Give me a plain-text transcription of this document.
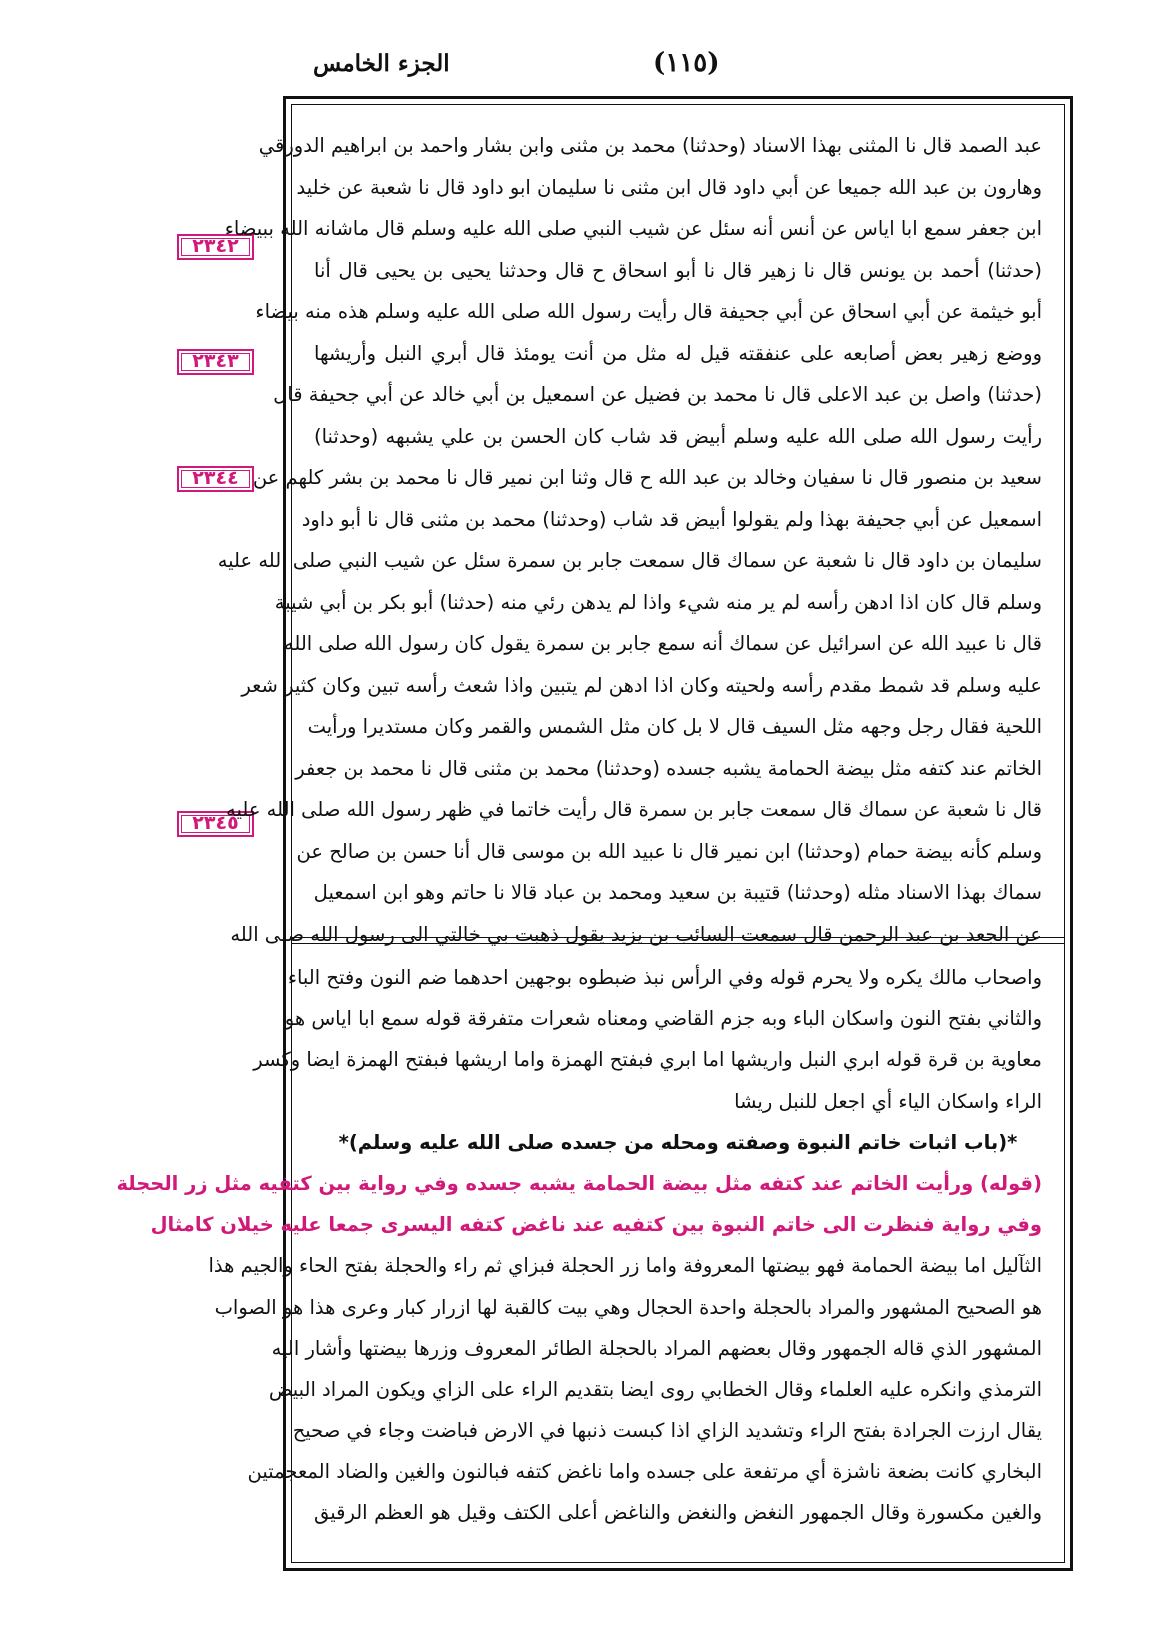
(١١٥)
الجزء الخامس
٢٣٤٢
٢٣٤٣
٢٣٤٤
٢٣٤٥
عبد الصمد قال نا المثنى بهذا الاسناد (وحدثنا) محمد بن مثنى وابن بشار واحمد بن ابراهيم الدورقي
وهارون بن عبد الله جميعا عن أبي داود قال ابن مثنى نا سليمان ابو داود قال نا شعبة عن خليد
ابن جعفر سمع ابا اياس عن أنس أنه سئل عن شيب النبي صلى الله عليه وسلم قال ماشانه الله ببيضاء
(حدثنا) أحمد بن يونس قال نا زهير قال نا أبو اسحاق ح قال وحدثنا يحيى بن يحيى قال أنا
أبو خيثمة عن أبي اسحاق عن أبي جحيفة قال رأيت رسول الله صلى الله عليه وسلم هذه منه بيضاء
ووضع زهير بعض أصابعه على عنفقته قيل له مثل من أنت يومئذ قال أبري النبل وأريشها
(حدثنا) واصل بن عبد الاعلى قال نا محمد بن فضيل عن اسمعيل بن أبي خالد عن أبي جحيفة قال
رأيت رسول الله صلى الله عليه وسلم أبيض قد شاب كان الحسن بن علي يشبهه (وحدثنا)
سعيد بن منصور قال نا سفيان وخالد بن عبد الله ح قال وثنا ابن نمير قال نا محمد بن بشر كلهم عن
اسمعيل عن أبي جحيفة بهذا ولم يقولوا أبيض قد شاب (وحدثنا) محمد بن مثنى قال نا أبو داود
سليمان بن داود قال نا شعبة عن سماك قال سمعت جابر بن سمرة سئل عن شيب النبي صلى الله عليه
وسلم قال كان اذا ادهن رأسه لم ير منه شيء واذا لم يدهن رئي منه (حدثنا) أبو بكر بن أبي شيبة
قال نا عبيد الله عن اسرائيل عن سماك أنه سمع جابر بن سمرة يقول كان رسول الله صلى الله
عليه وسلم قد شمط مقدم رأسه ولحيته وكان اذا ادهن لم يتبين واذا شعث رأسه تبين وكان كثير شعر
اللحية فقال رجل وجهه مثل السيف قال لا بل كان مثل الشمس والقمر وكان مستديرا ورأيت
الخاتم عند كتفه مثل بيضة الحمامة يشبه جسده (وحدثنا) محمد بن مثنى قال نا محمد بن جعفر
قال نا شعبة عن سماك قال سمعت جابر بن سمرة قال رأيت خاتما في ظهر رسول الله صلى الله عليه
وسلم كأنه بيضة حمام (وحدثنا) ابن نمير قال نا عبيد الله بن موسى قال أنا حسن بن صالح عن
سماك بهذا الاسناد مثله (وحدثنا) قتيبة بن سعيد ومحمد بن عباد قالا نا حاتم وهو ابن اسمعيل
عن الجعد بن عبد الرحمن قال سمعت السائب بن يزيد يقول ذهبت بي خالتي الى رسول الله صلى الله
واصحاب مالك يكره ولا يحرم قوله وفي الرأس نبذ ضبطوه بوجهين احدهما ضم النون وفتح الباء
والثاني بفتح النون واسكان الباء وبه جزم القاضي ومعناه شعرات متفرقة قوله سمع ابا اياس هو
معاوية بن قرة قوله ابري النبل واريشها اما ابري فبفتح الهمزة واما اريشها فبفتح الهمزة ايضا وكسر
الراء واسكان الياء أي اجعل للنبل ريشا
*(باب اثبات خاتم النبوة وصفته ومحله من جسده صلى الله عليه وسلم)*
(قوله) ورأيت الخاتم عند كتفه مثل بيضة الحمامة يشبه جسده وفي رواية بين كتفيه مثل زر الحجلة
وفي رواية فنظرت الى خاتم النبوة بين كتفيه عند ناغض كتفه اليسرى جمعا عليه خيلان كامثال
الثآليل اما بيضة الحمامة فهو بيضتها المعروفة واما زر الحجلة فبزاي ثم راء والحجلة بفتح الحاء والجيم هذا
هو الصحيح المشهور والمراد بالحجلة واحدة الحجال وهي بيت كالقبة لها ازرار كبار وعرى هذا هو الصواب
المشهور الذي قاله الجمهور وقال بعضهم المراد بالحجلة الطائر المعروف وزرها بيضتها وأشار اليه
الترمذي وانكره عليه العلماء وقال الخطابي روى ايضا بتقديم الراء على الزاي ويكون المراد البيض
يقال ارزت الجرادة بفتح الراء وتشديد الزاي اذا كبست ذنبها في الارض فباضت وجاء في صحيح
البخاري كانت بضعة ناشزة أي مرتفعة على جسده واما ناغض كتفه فبالنون والغين والضاد المعجمتين
والغين مكسورة وقال الجمهور النغض والنغض والناغض أعلى الكتف وقيل هو العظم الرقيق
